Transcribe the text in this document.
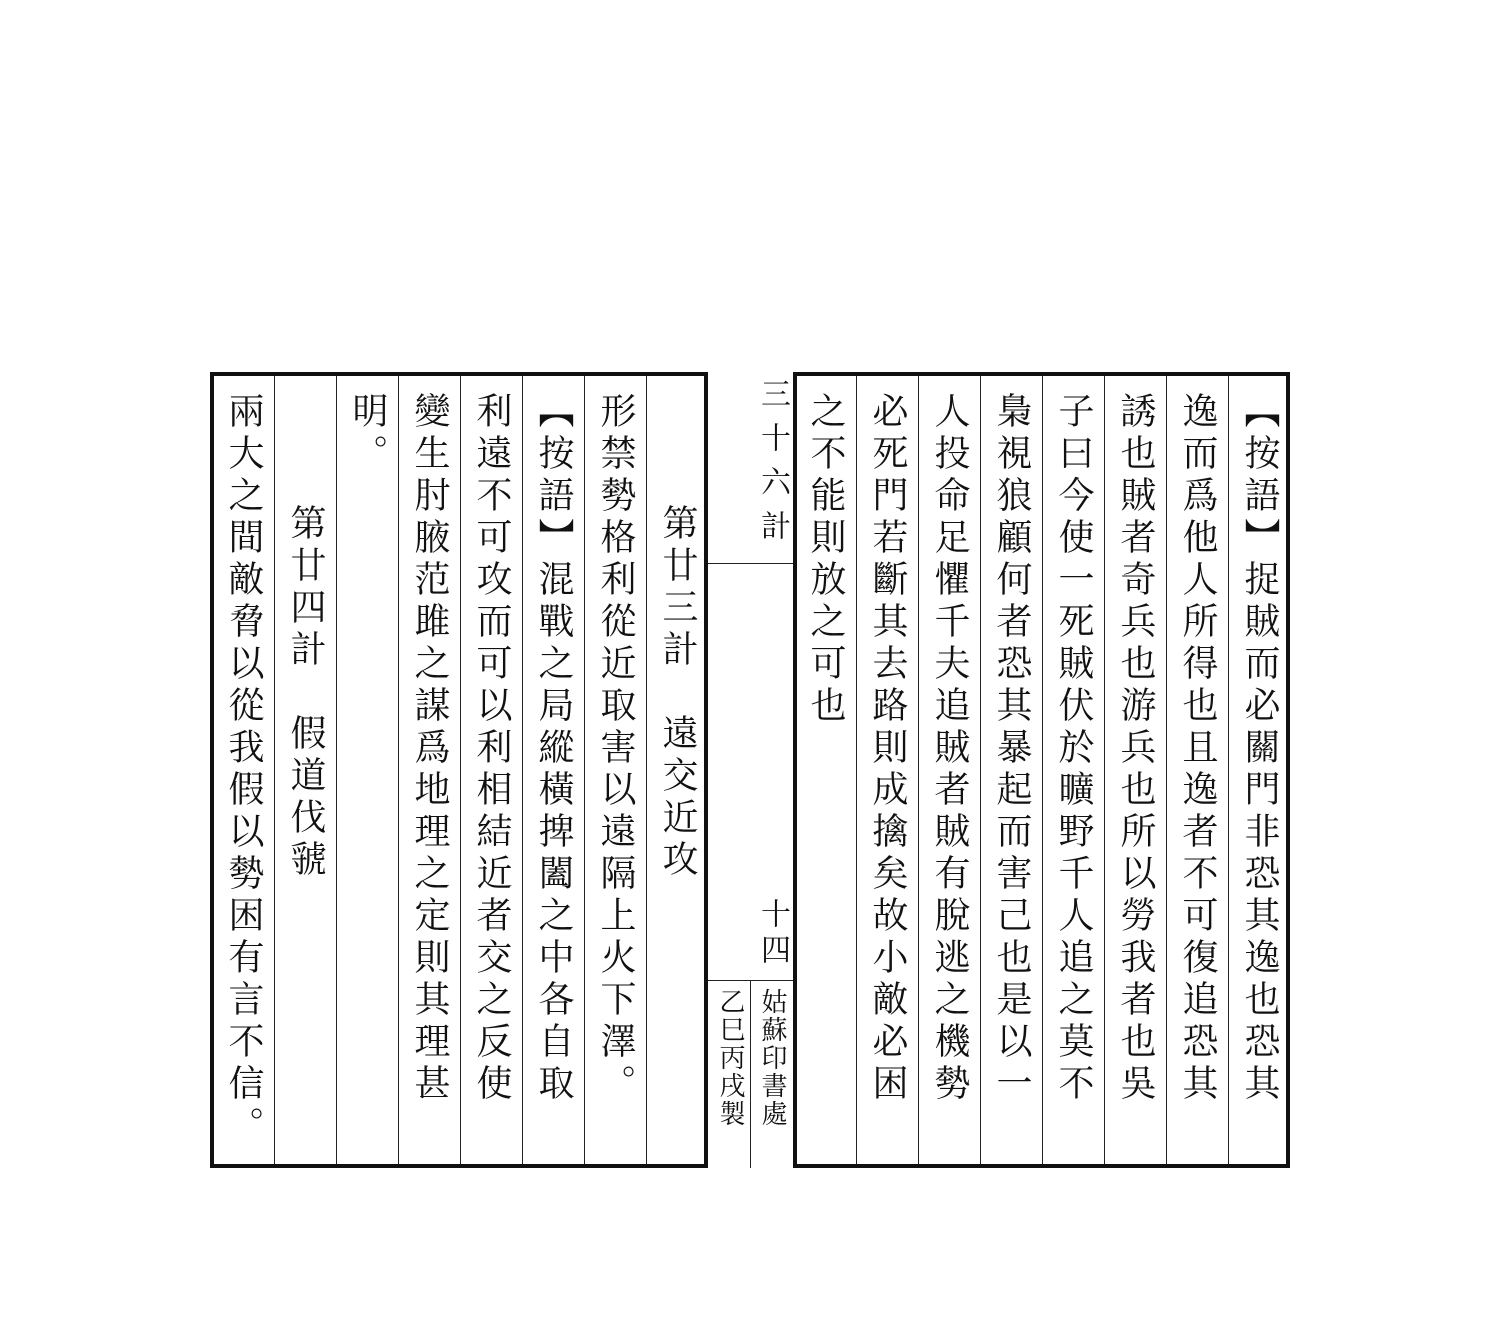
第廿三計　遠交近攻
形禁勢格利從近取害以遠隔上火下澤。
【按語】混戰之局縱橫捭闔之中各自取
利遠不可攻而可以利相結近者交之反使
變生肘腋范雎之謀爲地理之定則其理甚
明。
第廿四計　假道伐虢
兩大之間敵脅以從我假以勢困有言不信。	三十六計
十四
姑蘇印書處
乙巳丙戌製	【按語】捉賊而必關門非恐其逸也恐其
逸而爲他人所得也且逸者不可復追恐其
誘也賊者奇兵也游兵也所以勞我者也吳
子曰今使一死賊伏於曠野千人追之莫不
梟視狼顧何者恐其暴起而害己也是以一
人投命足懼千夫追賊者賊有脫逃之機勢
必死門若斷其去路則成擒矣故小敵必困
之不能則放之可也
